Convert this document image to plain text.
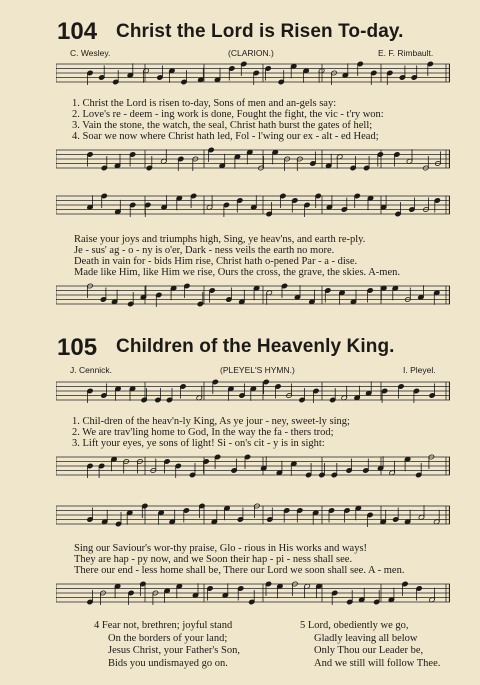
104 Christ the Lord is Risen To-day.
C. Wesley.	(CLARION.)	E. F. Rimbault.
1. Christ the Lord is risen to-day, Sons of men and an-gels say:
2. Love's re - deem - ing work is done, Fought the fight, the vic - t'ry won:
3. Vain the stone, the watch, the seal, Christ hath burst the gates of hell;
4. Soar we now where Christ hath led, Fol - l'wing our ex - alt - ed Head;
Raise your joys and triumphs high, Sing, ye heav'ns, and earth re-ply.
Je - sus' ag - o - ny is o'er, Dark - ness veils the earth no more.
Death in vain for - bids Him rise, Christ hath o-pened Par - a - dise.
Made like Him, like Him we rise, Ours the cross, the grave, the skies. A-men.
105 Children of the Heavenly King.
J. Cennick.	(PLEYEL'S HYMN.)	I. Pleyel.
1. Chil-dren of the heav'n-ly King, As ye jour - ney, sweet-ly sing;
2. We are trav'ling home to God, In the way the fa - thers trod;
3. Lift your eyes, ye sons of light! Si - on's cit - y is in sight:
Sing our Saviour's wor-thy praise, Glo - rious in His works and ways!
They are hap - py now, and we Soon their hap - pi - ness shall see.
There our end - less home shall be, There our Lord we soon shall see. A - men.
4 Fear not, brethren; joyful stand
On the borders of your land;
Jesus Christ, your Father's Son,
Bids you undismayed go on.
5 Lord, obediently we go,
Gladly leaving all below
Only Thou our Leader be,
And we still will follow Thee.
